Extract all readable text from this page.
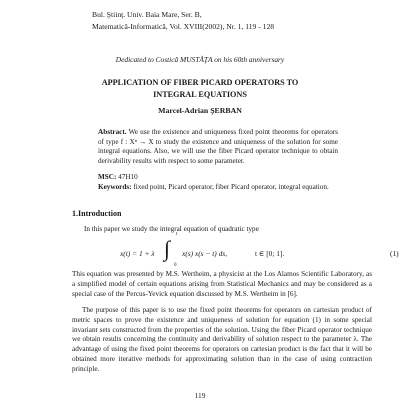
Bul. Ştiinţ. Univ. Baia Mare, Ser. B,
Matematică-Informatică, Vol. XVIII(2002), Nr. 1, 119 - 128
Dedicated to Costică MUSTĂŢA on his 60th anniversary
APPLICATION OF FIBER PICARD OPERATORS TO
INTEGRAL EQUATIONS
Marcel-Adrian ŞERBAN
Abstract. We use the existence and uniqueness fixed point theorems for operators of type f : Xⁿ → X to study the existence and uniqueness of the solution for some integral equations. Also, we will use the fiber Picard operator technique to obtain derivability results with respect to some parameter.
MSC: 47H10
Keywords: fixed point, Picard operator, fiber Picard operator, integral equation.
1.Introduction
In this paper we study the integral equation of quadratic type
x(t) = 1 + λ ∫
t
0
x(s) x(s − t) ds,	t ∈ [0; 1].	(1)
This equation was presented by M.S. Wertheim, a physicist at the Los Alamos Scientific Laboratory, as a simplified model of certain equations arising from Statistical Mechanics and may be considered as a special case of the Percus-Yevick equation discussed by M.S. Wertheim in [6].
The purpose of this paper is to use the fixed point theorems for operators on cartesian product of metric spaces to prove the existence and uniqueness of solution for equation (1) in some special invariant sets constructed from the properties of the solution. Using the fiber Picard operator technique we obtain results concerning the continuity and derivability of solution respect to the parameter λ. The advantage of using the fixed point theorems for operators on cartesian product is the fact that it will be obtained more iterative methods for approximating solution than in the case of using contraction principle.
119
